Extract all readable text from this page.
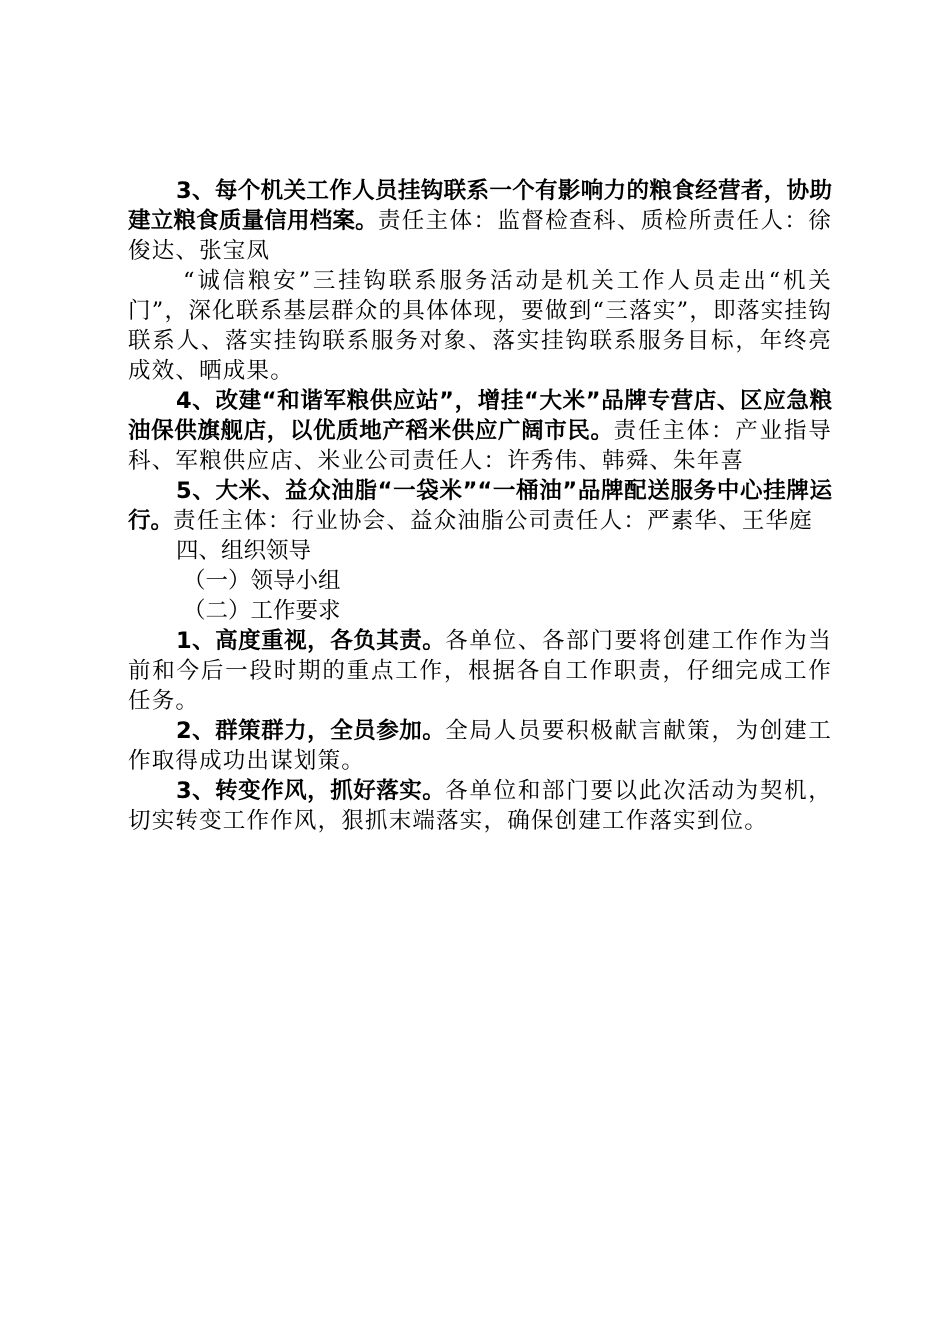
3、每个机关工作人员挂钩联系一个有影响力的粮食经营者，协助建立粮食质量信用档案。责任主体：监督检查科、质检所责任人：徐俊达、张宝凤

“诚信粮安”三挂钩联系服务活动是机关工作人员走出“机关门”，深化联系基层群众的具体体现，要做到“三落实”，即落实挂钩联系人、落实挂钩联系服务对象、落实挂钩联系服务目标，年终亮成效、晒成果。

4、改建“和谐军粮供应站”，增挂“大米”品牌专营店、区应急粮油保供旗舰店，以优质地产稻米供应广阔市民。责任主体：产业指导科、军粮供应店、米业公司责任人：许秀伟、韩舜、朱年喜

5、大米、益众油脂“一袋米”“一桶油”品牌配送服务中心挂牌运行。责任主体：行业协会、益众油脂公司责任人：严素华、王华庭

四、组织领导

（一）领导小组

（二）工作要求

1、高度重视，各负其责。各单位、各部门要将创建工作作为当前和今后一段时期的重点工作，根据各自工作职责，仔细完成工作任务。

2、群策群力，全员参加。全局人员要积极献言献策，为创建工作取得成功出谋划策。

3、转变作风，抓好落实。各单位和部门要以此次活动为契机，切实转变工作作风，狠抓末端落实，确保创建工作落实到位。
